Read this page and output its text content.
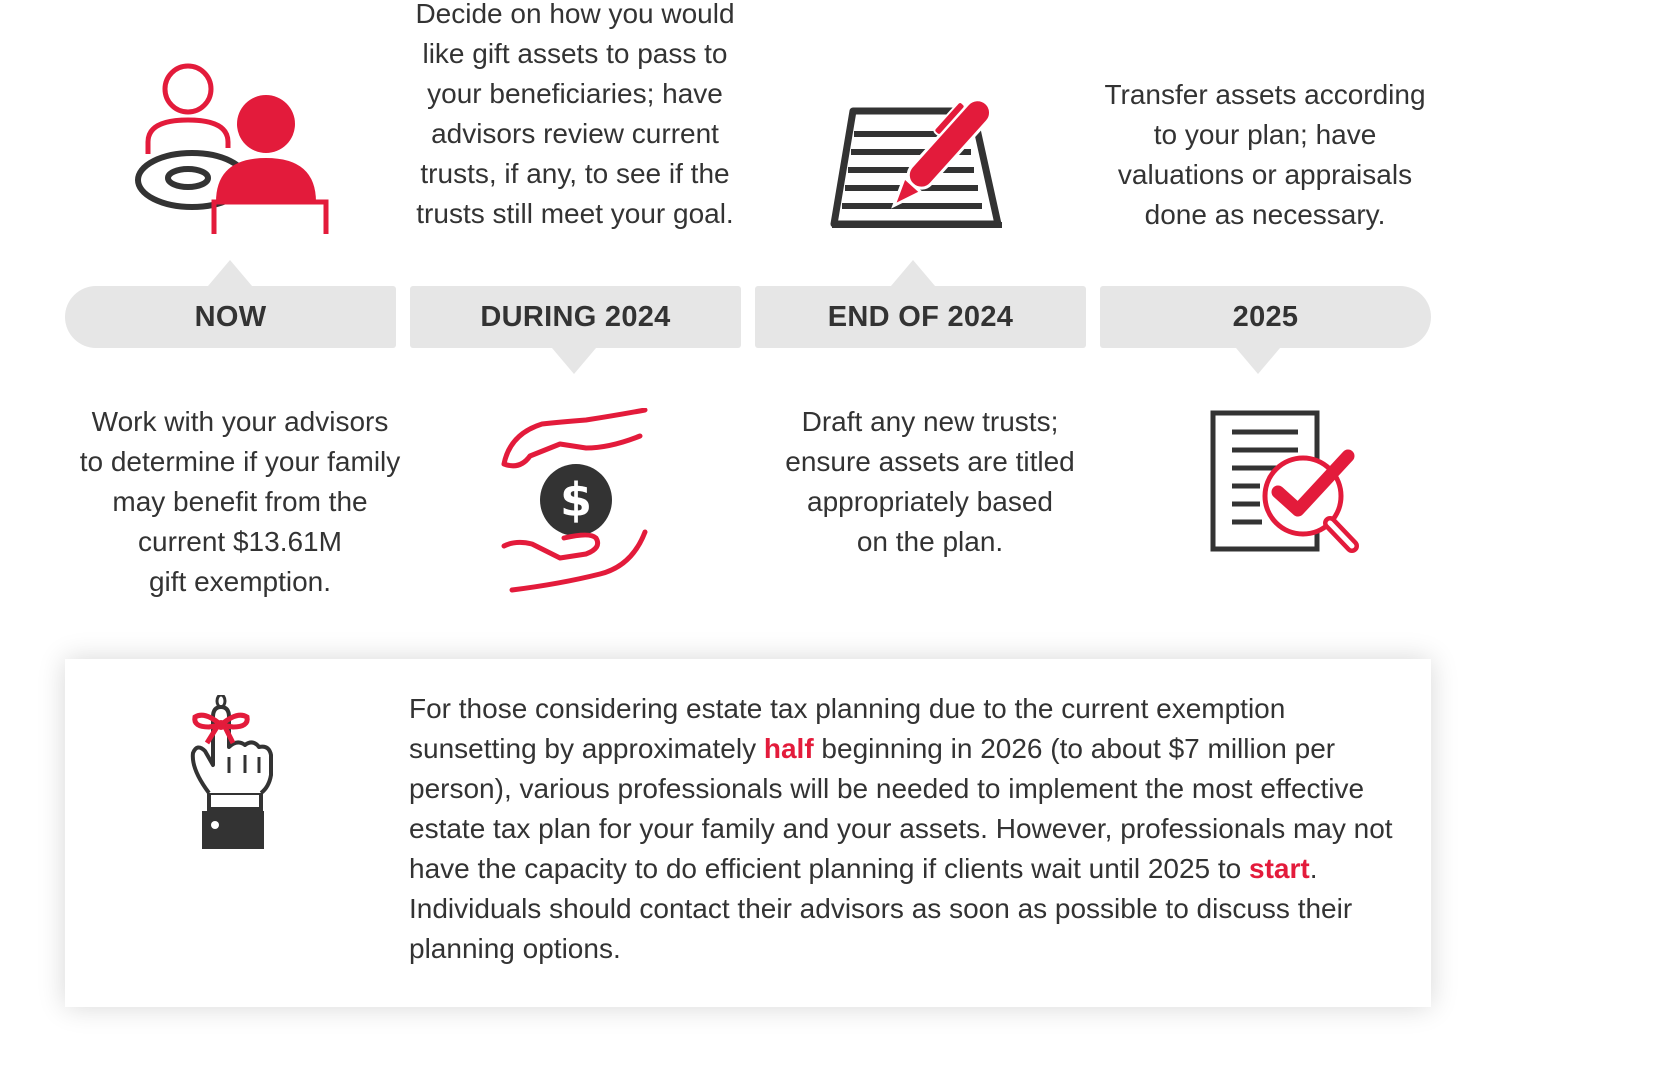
Decide on how you would
like gift assets to pass to
your beneficiaries; have
advisors review current
trusts, if any, to see if the
trusts still meet your goal.

Transfer assets according
to your plan; have
valuations or appraisals
done as necessary.

NOW	DURING 2024	END OF 2024	2025

Work with your advisors
to determine if your family
may benefit from the
current $13.61M
gift exemption.

$

Draft any new trusts;
ensure assets are titled
appropriately based
on the plan.

For those considering estate tax planning due to the current exemption sunsetting by approximately half beginning in 2026 (to about $7 million per person), various professionals will be needed to implement the most effective estate tax plan for your family and your assets. However, professionals may not have the capacity to do efficient planning if clients wait until 2025 to start. Individuals should contact their advisors as soon as possible to discuss their planning options.
